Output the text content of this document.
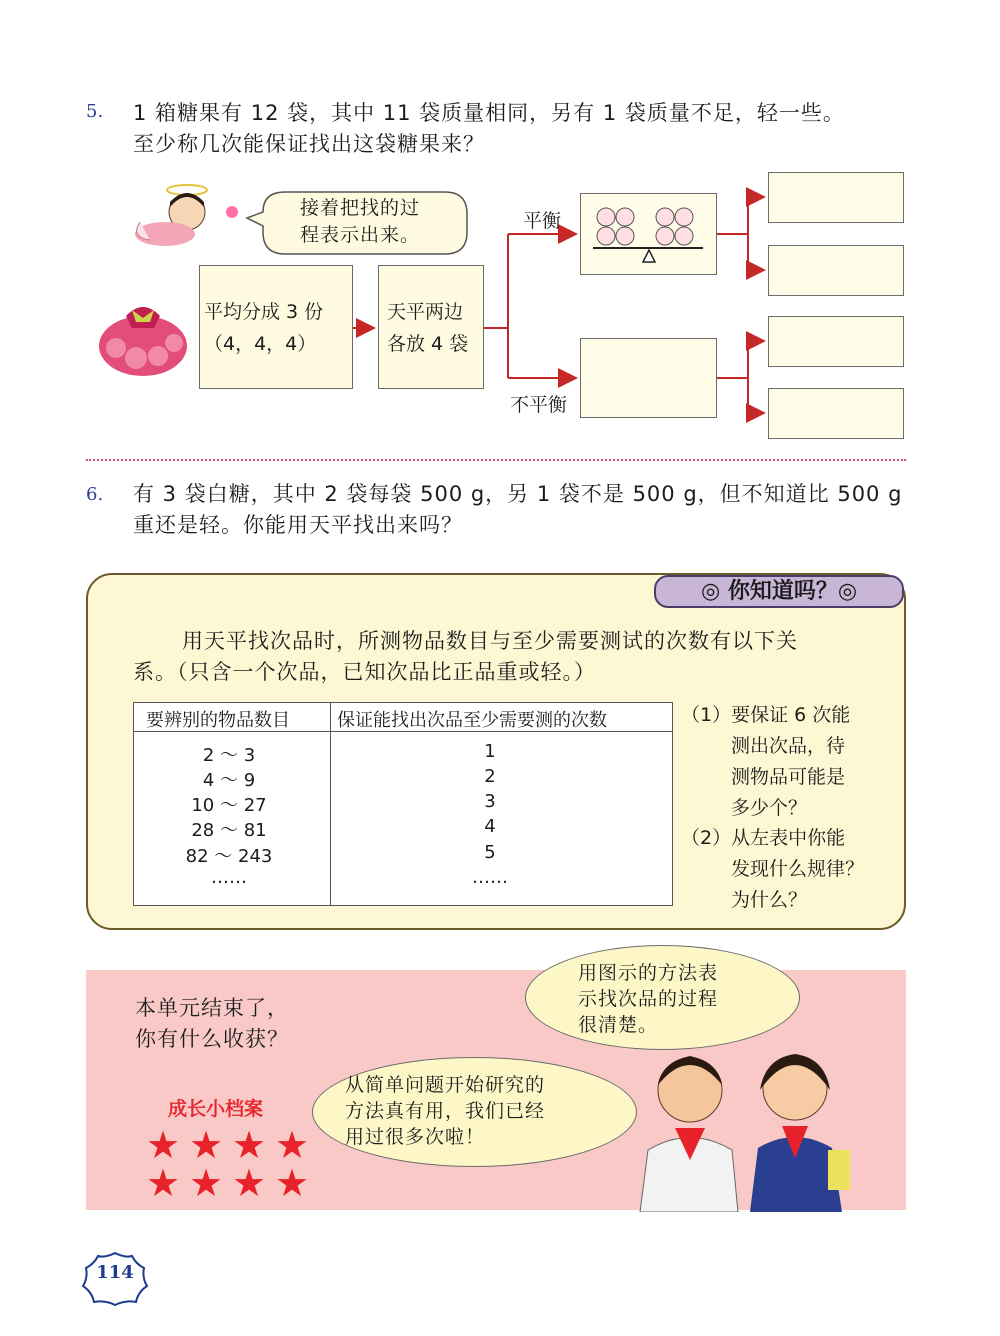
5. 1 箱糖果有 12 袋，其中 11 袋质量相同，另有 1 袋质量不足，轻一些。
至少称几次能保证找出这袋糖果来？
接着把找的过
程表示出来。
平均分成 3 份
（4，4，4）
天平两边
各放 4 袋
平衡
不平衡
6. 有 3 袋白糖，其中 2 袋每袋 500 g，另 1 袋不是 500 g，但不知道比 500 g
重还是轻。你能用天平找出来吗？
◎ 你知道吗？◎
用天平找次品时，所测物品数目与至少需要测试的次数有以下关
系。（只含一个次品，已知次品比正品重或轻。）
要辨别的物品数目	保证能找出次品至少需要测的次数
2 ～ 3	1
4 ～ 9	2
10 ～ 27	3
28 ～ 81	4
82 ～ 243	5
……	……
（1）要保证 6 次能
测出次品，待
测物品可能是
多少个？
（2）从左表中你能
发现什么规律？
为什么？
本单元结束了，
你有什么收获？
成长小档案
★ ★ ★ ★
★ ★ ★ ★
用图示的方法表
示找次品的过程
很清楚。
从简单问题开始研究的
方法真有用，我们已经
用过很多次啦！
114
